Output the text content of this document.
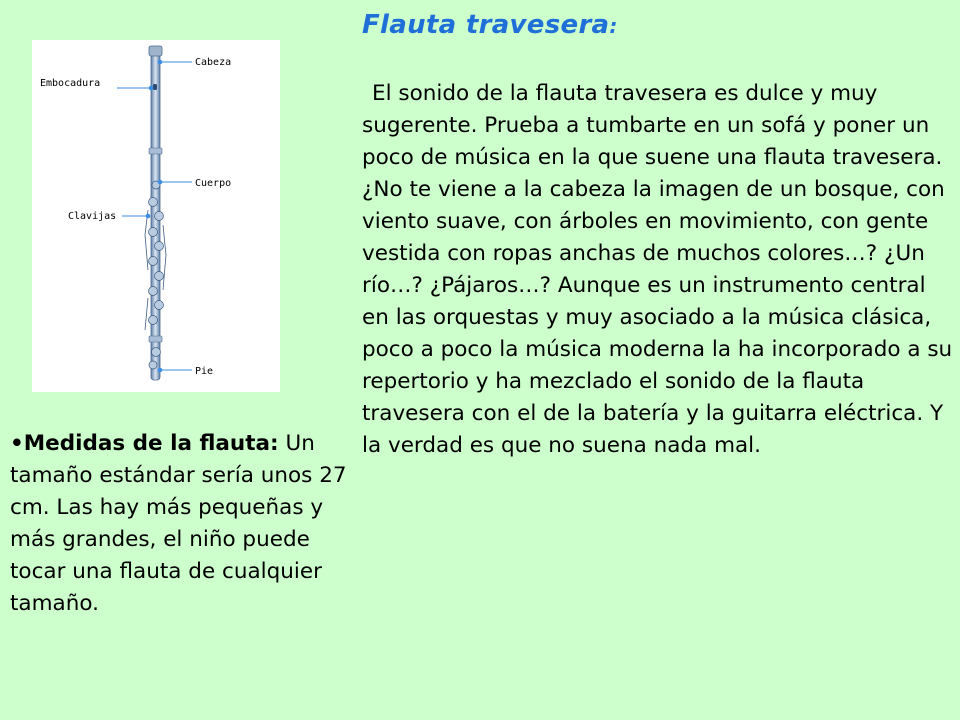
Cabeza
Embocadura
Cuerpo
Clavijas
Pie
Flauta travesera:

El sonido de la flauta travesera es dulce y muy sugerente. Prueba a tumbarte en un sofá y poner un poco de música en la que suene una flauta travesera. ¿No te viene a la cabeza la imagen de un bosque, con viento suave, con árboles en movimiento, con gente vestida con ropas anchas de muchos colores…? ¿Un río…? ¿Pájaros…? Aunque es un instrumento central en las orquestas y muy asociado a la música clásica, poco a poco la música moderna la ha incorporado a su repertorio y ha mezclado el sonido de la flauta travesera con el de la batería y la guitarra eléctrica. Y la verdad es que no suena nada mal.

•Medidas de la flauta: Un tamaño estándar sería unos 27 cm. Las hay más pequeñas y más grandes, el niño puede tocar una flauta de cualquier tamaño.
